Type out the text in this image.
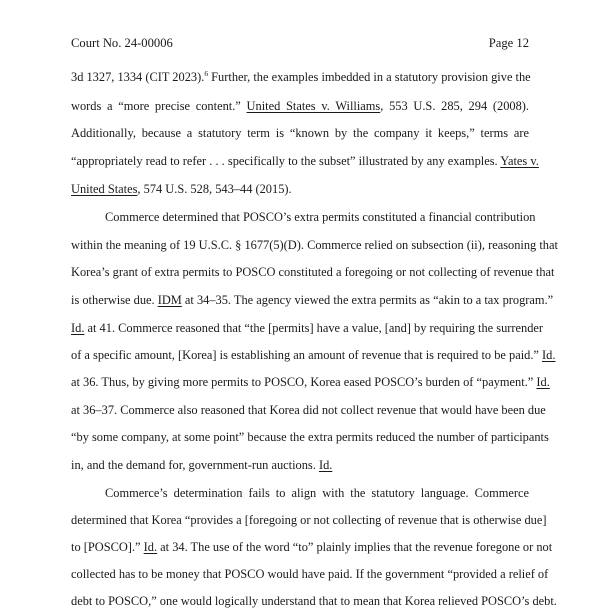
Court No. 24-00006	Page 12
3d 1327, 1334 (CIT 2023).$^6$ Further, the examples imbedded in a statutory provision give the
words a “more precise content.” United States v. Williams, 553 U.S. 285, 294 (2008).
Additionally, because a statutory term is “known by the company it keeps,” terms are
“appropriately read to refer . . . specifically to the subset” illustrated by any examples. Yates v.
United States, 574 U.S. 528, 543–44 (2015).
Commerce determined that POSCO’s extra permits constituted a financial contribution
within the meaning of 19 U.S.C. § 1677(5)(D). Commerce relied on subsection (ii), reasoning that
Korea’s grant of extra permits to POSCO constituted a foregoing or not collecting of revenue that
is otherwise due. IDM at 34–35. The agency viewed the extra permits as “akin to a tax program.”
Id. at 41. Commerce reasoned that “the [permits] have a value, [and] by requiring the surrender
of a specific amount, [Korea] is establishing an amount of revenue that is required to be paid.” Id.
at 36. Thus, by giving more permits to POSCO, Korea eased POSCO’s burden of “payment.” Id.
at 36–37. Commerce also reasoned that Korea did not collect revenue that would have been due
“by some company, at some point” because the extra permits reduced the number of participants
in, and the demand for, government-run auctions. Id.
Commerce’s determination fails to align with the statutory language. Commerce
determined that Korea “provides a [foregoing or not collecting of revenue that is otherwise due]
to [POSCO].” Id. at 34. The use of the word “to” plainly implies that the revenue foregone or not
collected has to be money that POSCO would have paid. If the government “provided a relief of
debt to POSCO,” one would logically understand that to mean that Korea relieved POSCO’s debt.
